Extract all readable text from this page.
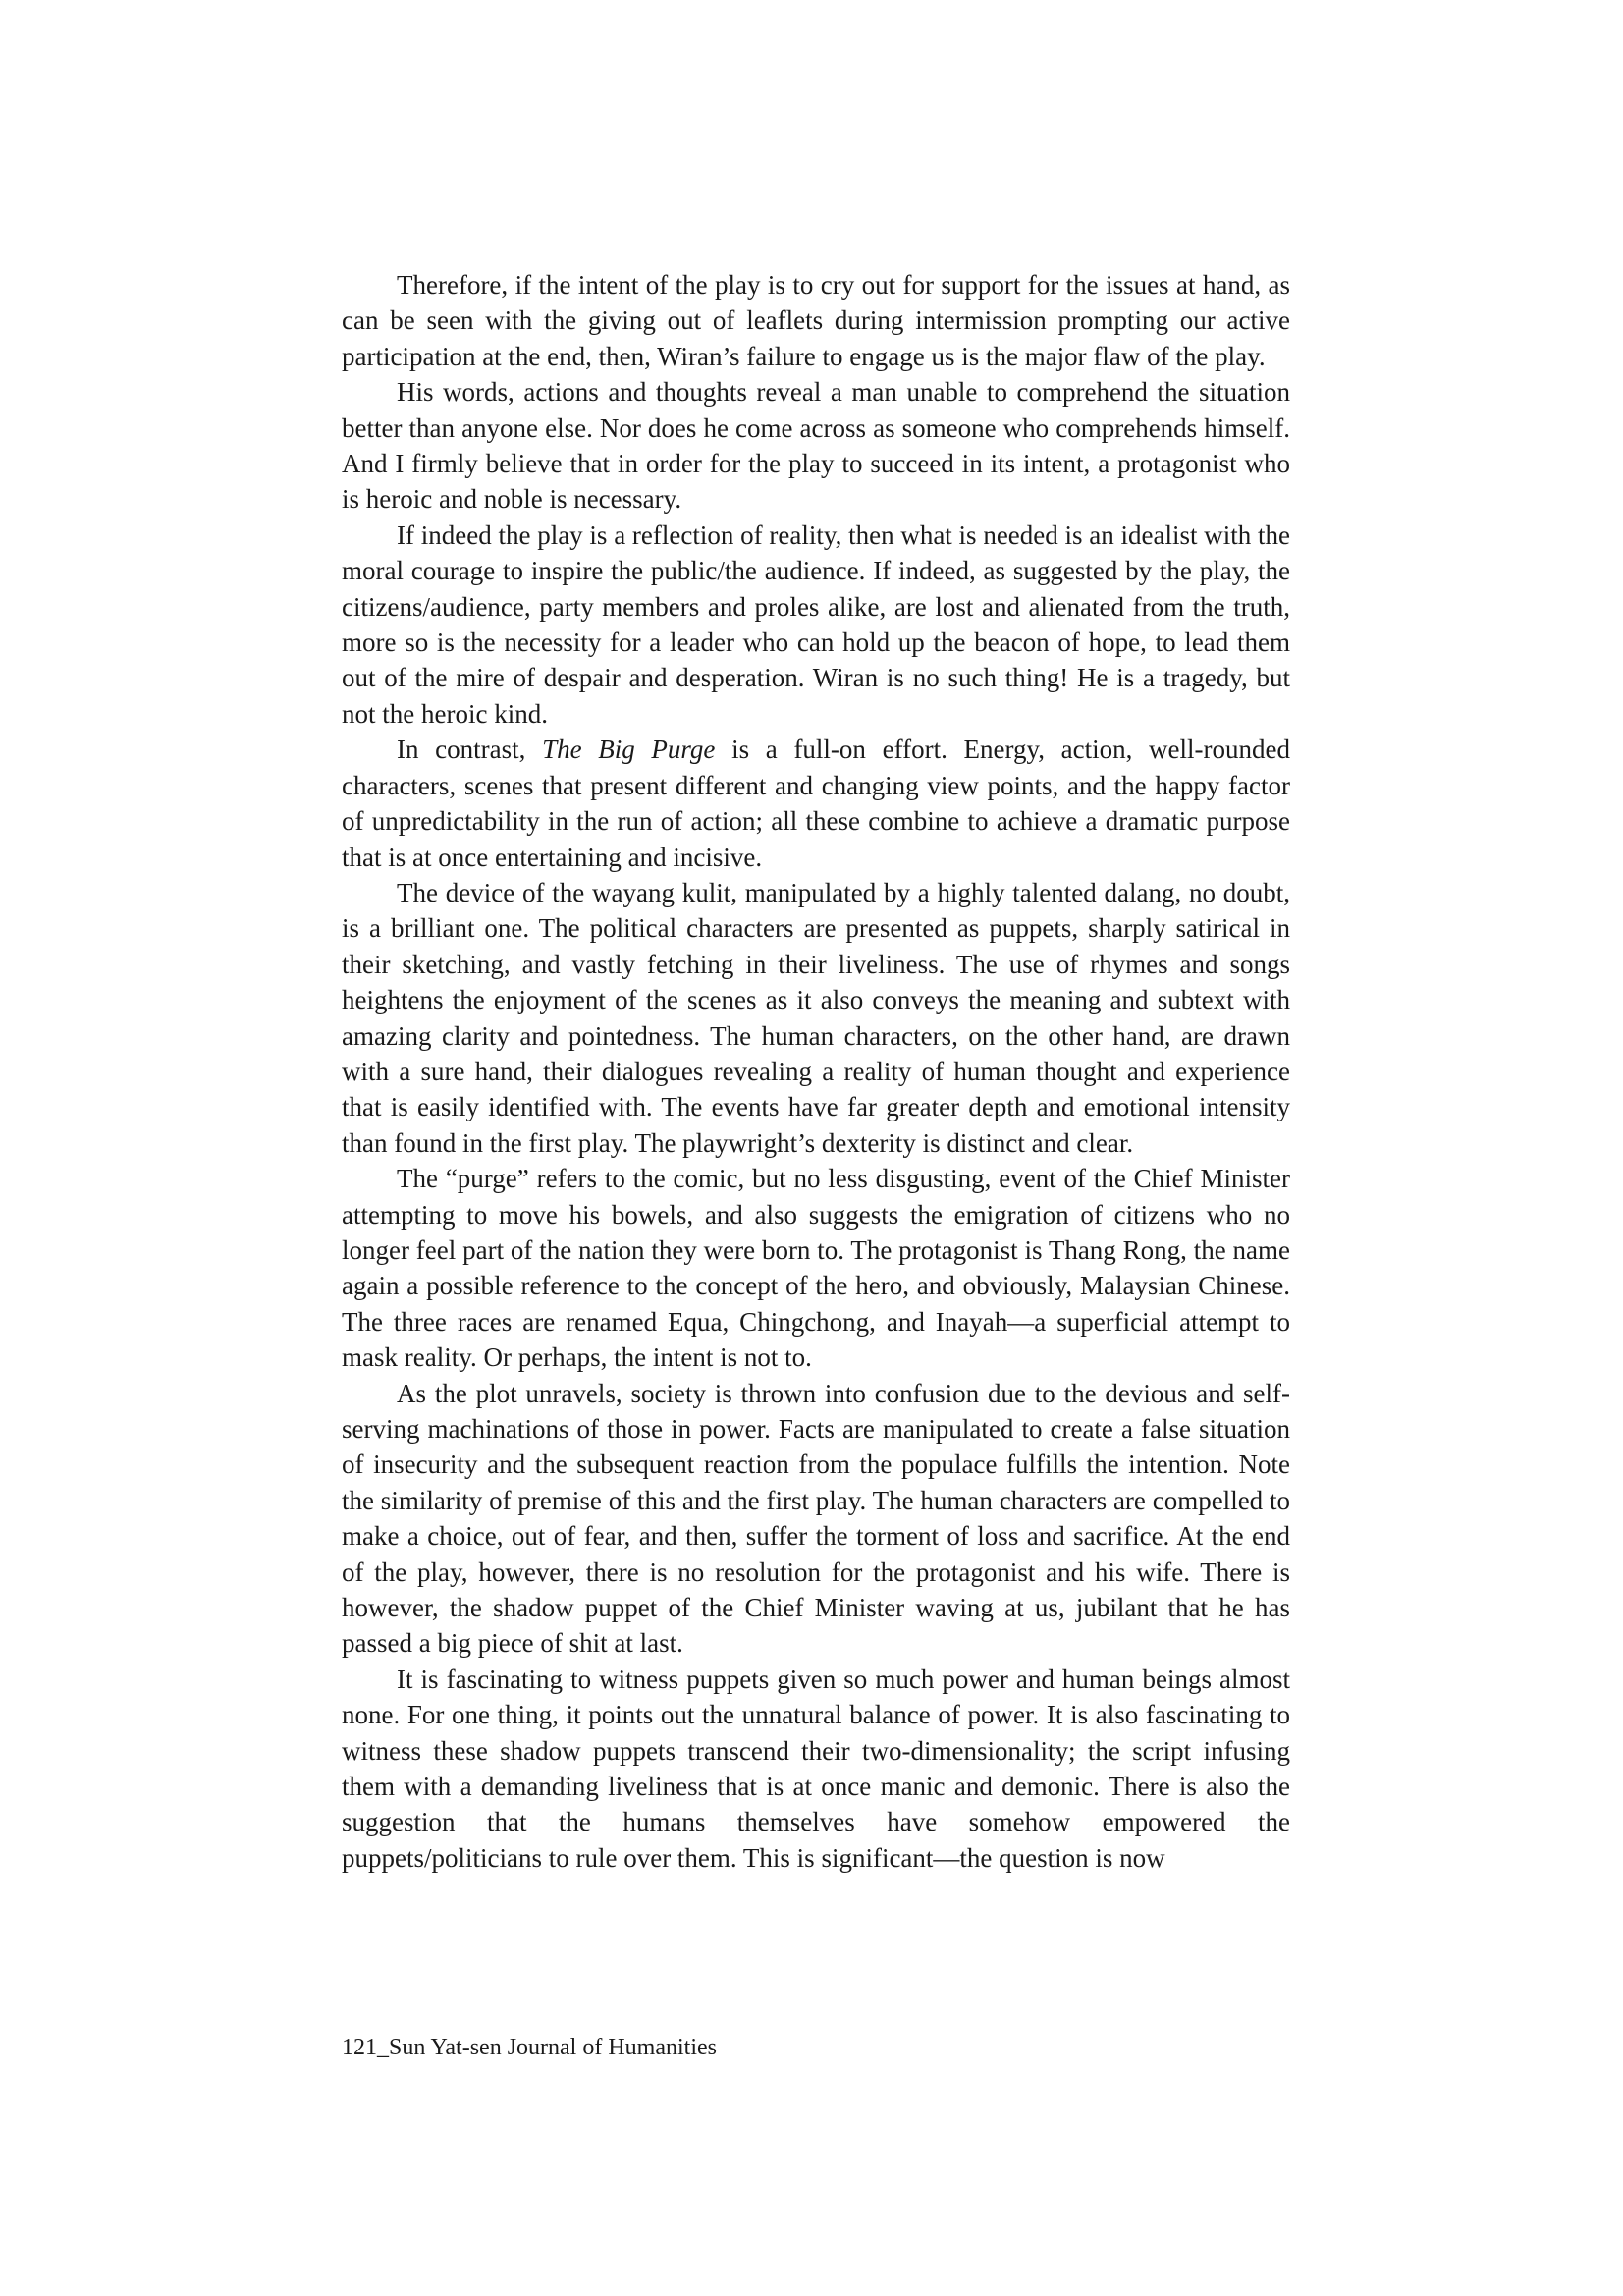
Therefore, if the intent of the play is to cry out for support for the issues at hand, as can be seen with the giving out of leaflets during intermission prompting our active participation at the end, then, Wiran’s failure to engage us is the major flaw of the play.

His words, actions and thoughts reveal a man unable to comprehend the situation better than anyone else. Nor does he come across as someone who comprehends himself. And I firmly believe that in order for the play to succeed in its intent, a protagonist who is heroic and noble is necessary.

If indeed the play is a reflection of reality, then what is needed is an idealist with the moral courage to inspire the public/the audience. If indeed, as suggested by the play, the citizens/audience, party members and proles alike, are lost and alienated from the truth, more so is the necessity for a leader who can hold up the beacon of hope, to lead them out of the mire of despair and desperation. Wiran is no such thing! He is a tragedy, but not the heroic kind.

In contrast, The Big Purge is a full-on effort. Energy, action, well-rounded characters, scenes that present different and changing view points, and the happy factor of unpredictability in the run of action; all these combine to achieve a dramatic purpose that is at once entertaining and incisive.

The device of the wayang kulit, manipulated by a highly talented dalang, no doubt, is a brilliant one. The political characters are presented as puppets, sharply satirical in their sketching, and vastly fetching in their liveliness. The use of rhymes and songs heightens the enjoyment of the scenes as it also conveys the meaning and subtext with amazing clarity and pointedness. The human characters, on the other hand, are drawn with a sure hand, their dialogues revealing a reality of human thought and experience that is easily identified with. The events have far greater depth and emotional intensity than found in the first play. The playwright’s dexterity is distinct and clear.

The “purge” refers to the comic, but no less disgusting, event of the Chief Minister attempting to move his bowels, and also suggests the emigration of citizens who no longer feel part of the nation they were born to. The protagonist is Thang Rong, the name again a possible reference to the concept of the hero, and obviously, Malaysian Chinese. The three races are renamed Equa, Chingchong, and Inayah—a superficial attempt to mask reality. Or perhaps, the intent is not to.

As the plot unravels, society is thrown into confusion due to the devious and self-serving machinations of those in power. Facts are manipulated to create a false situation of insecurity and the subsequent reaction from the populace fulfills the intention. Note the similarity of premise of this and the first play. The human characters are compelled to make a choice, out of fear, and then, suffer the torment of loss and sacrifice. At the end of the play, however, there is no resolution for the protagonist and his wife. There is however, the shadow puppet of the Chief Minister waving at us, jubilant that he has passed a big piece of shit at last.

It is fascinating to witness puppets given so much power and human beings almost none. For one thing, it points out the unnatural balance of power. It is also fascinating to witness these shadow puppets transcend their two-dimensionality; the script infusing them with a demanding liveliness that is at once manic and demonic. There is also the suggestion that the humans themselves have somehow empowered the puppets/politicians to rule over them. This is significant—the question is now

121_Sun Yat-sen Journal of Humanities
